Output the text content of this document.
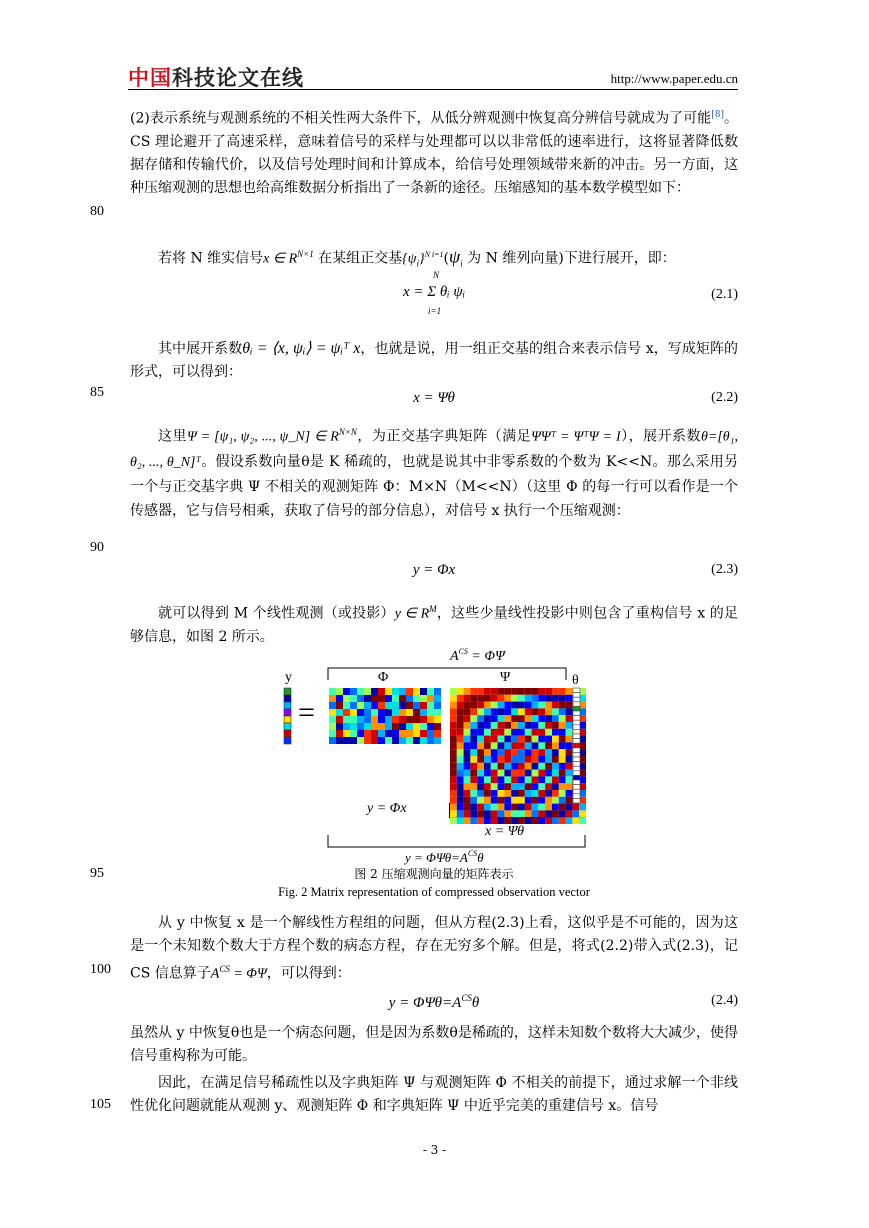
中国科技论文在线	http://www.paper.edu.cn
80
85
90
95
100
105
(2)表示系统与观测系统的不相关性两大条件下，从低分辨观测中恢复高分辨信号就成为了可能[8]。CS 理论避开了高速采样，意味着信号的采样与处理都可以以非常低的速率进行，这将显著降低数据存储和传输代价，以及信号处理时间和计算成本，给信号处理领域带来新的冲击。另一方面，这种压缩观测的思想也给高维数据分析指出了一条新的途径。压缩感知的基本数学模型如下：
若将 N 维实信号x ∈ $R^{N\times 1}$ 在某组正交基$\{\psi_i\}^{N i=1}(\psi_i$ 为 N 维列向量)下进行展开，即：
x = Σ θᵢ ψᵢ
N
i=1
(2.1)
其中展开系数θᵢ = ⟨x, ψᵢ⟩ = ψᵢᵀ x，也就是说，用一组正交基的组合来表示信号 x，写成矩阵的形式，可以得到：
x = Ψθ	(2.2)
这里Ψ = [ψ₁, ψ₂, ..., ψ_N] ∈ $R^{N\times N}$，为正交基字典矩阵（满足ΨΨᵀ = ΨᵀΨ = I），展开系数θ=[θ₁, θ₂, ..., θ_N]ᵀ。假设系数向量θ是 K 稀疏的，也就是说其中非零系数的个数为 K<<N。那么采用另一个与正交基字典 Ψ 不相关的观测矩阵 Φ：M×N（M<<N）（这里 Φ 的每一行可以看作是一个传感器，它与信号相乘，获取了信号的部分信息），对信号 x 执行一个压缩观测：
y = Φx	(2.3)
就可以得到 M 个线性观测（或投影）y ∈ $R^M$，这些少量线性投影中则包含了重构信号 x 的足够信息，如图 2 所示。
$A^{CS} = \Phi\Psi$
y	Φ	Ψ	θ
=
y = Φx
x = Ψθ
$y = \Phi\Psi\theta=A^{CS}\theta$
图 2 压缩观测向量的矩阵表示
Fig. 2 Matrix representation of compressed observation vector
从 y 中恢复 x 是一个解线性方程组的问题，但从方程(2.3)上看，这似乎是不可能的，因为这是一个未知数个数大于方程个数的病态方程，存在无穷多个解。但是，将式(2.2)带入式(2.3)，记 CS 信息算子$A^{CS} = \Phi\Psi$，可以得到：
$y = \Phi\Psi\theta=A^{CS}\theta$	(2.4)
虽然从 y 中恢复θ也是一个病态问题，但是因为系数θ是稀疏的，这样未知数个数将大大减少，使得信号重构称为可能。
因此，在满足信号稀疏性以及字典矩阵 Ψ 与观测矩阵 Φ 不相关的前提下，通过求解一个非线性优化问题就能从观测 y、观测矩阵 Φ 和字典矩阵 Ψ 中近乎完美的重建信号 x。信号
- 3 -
